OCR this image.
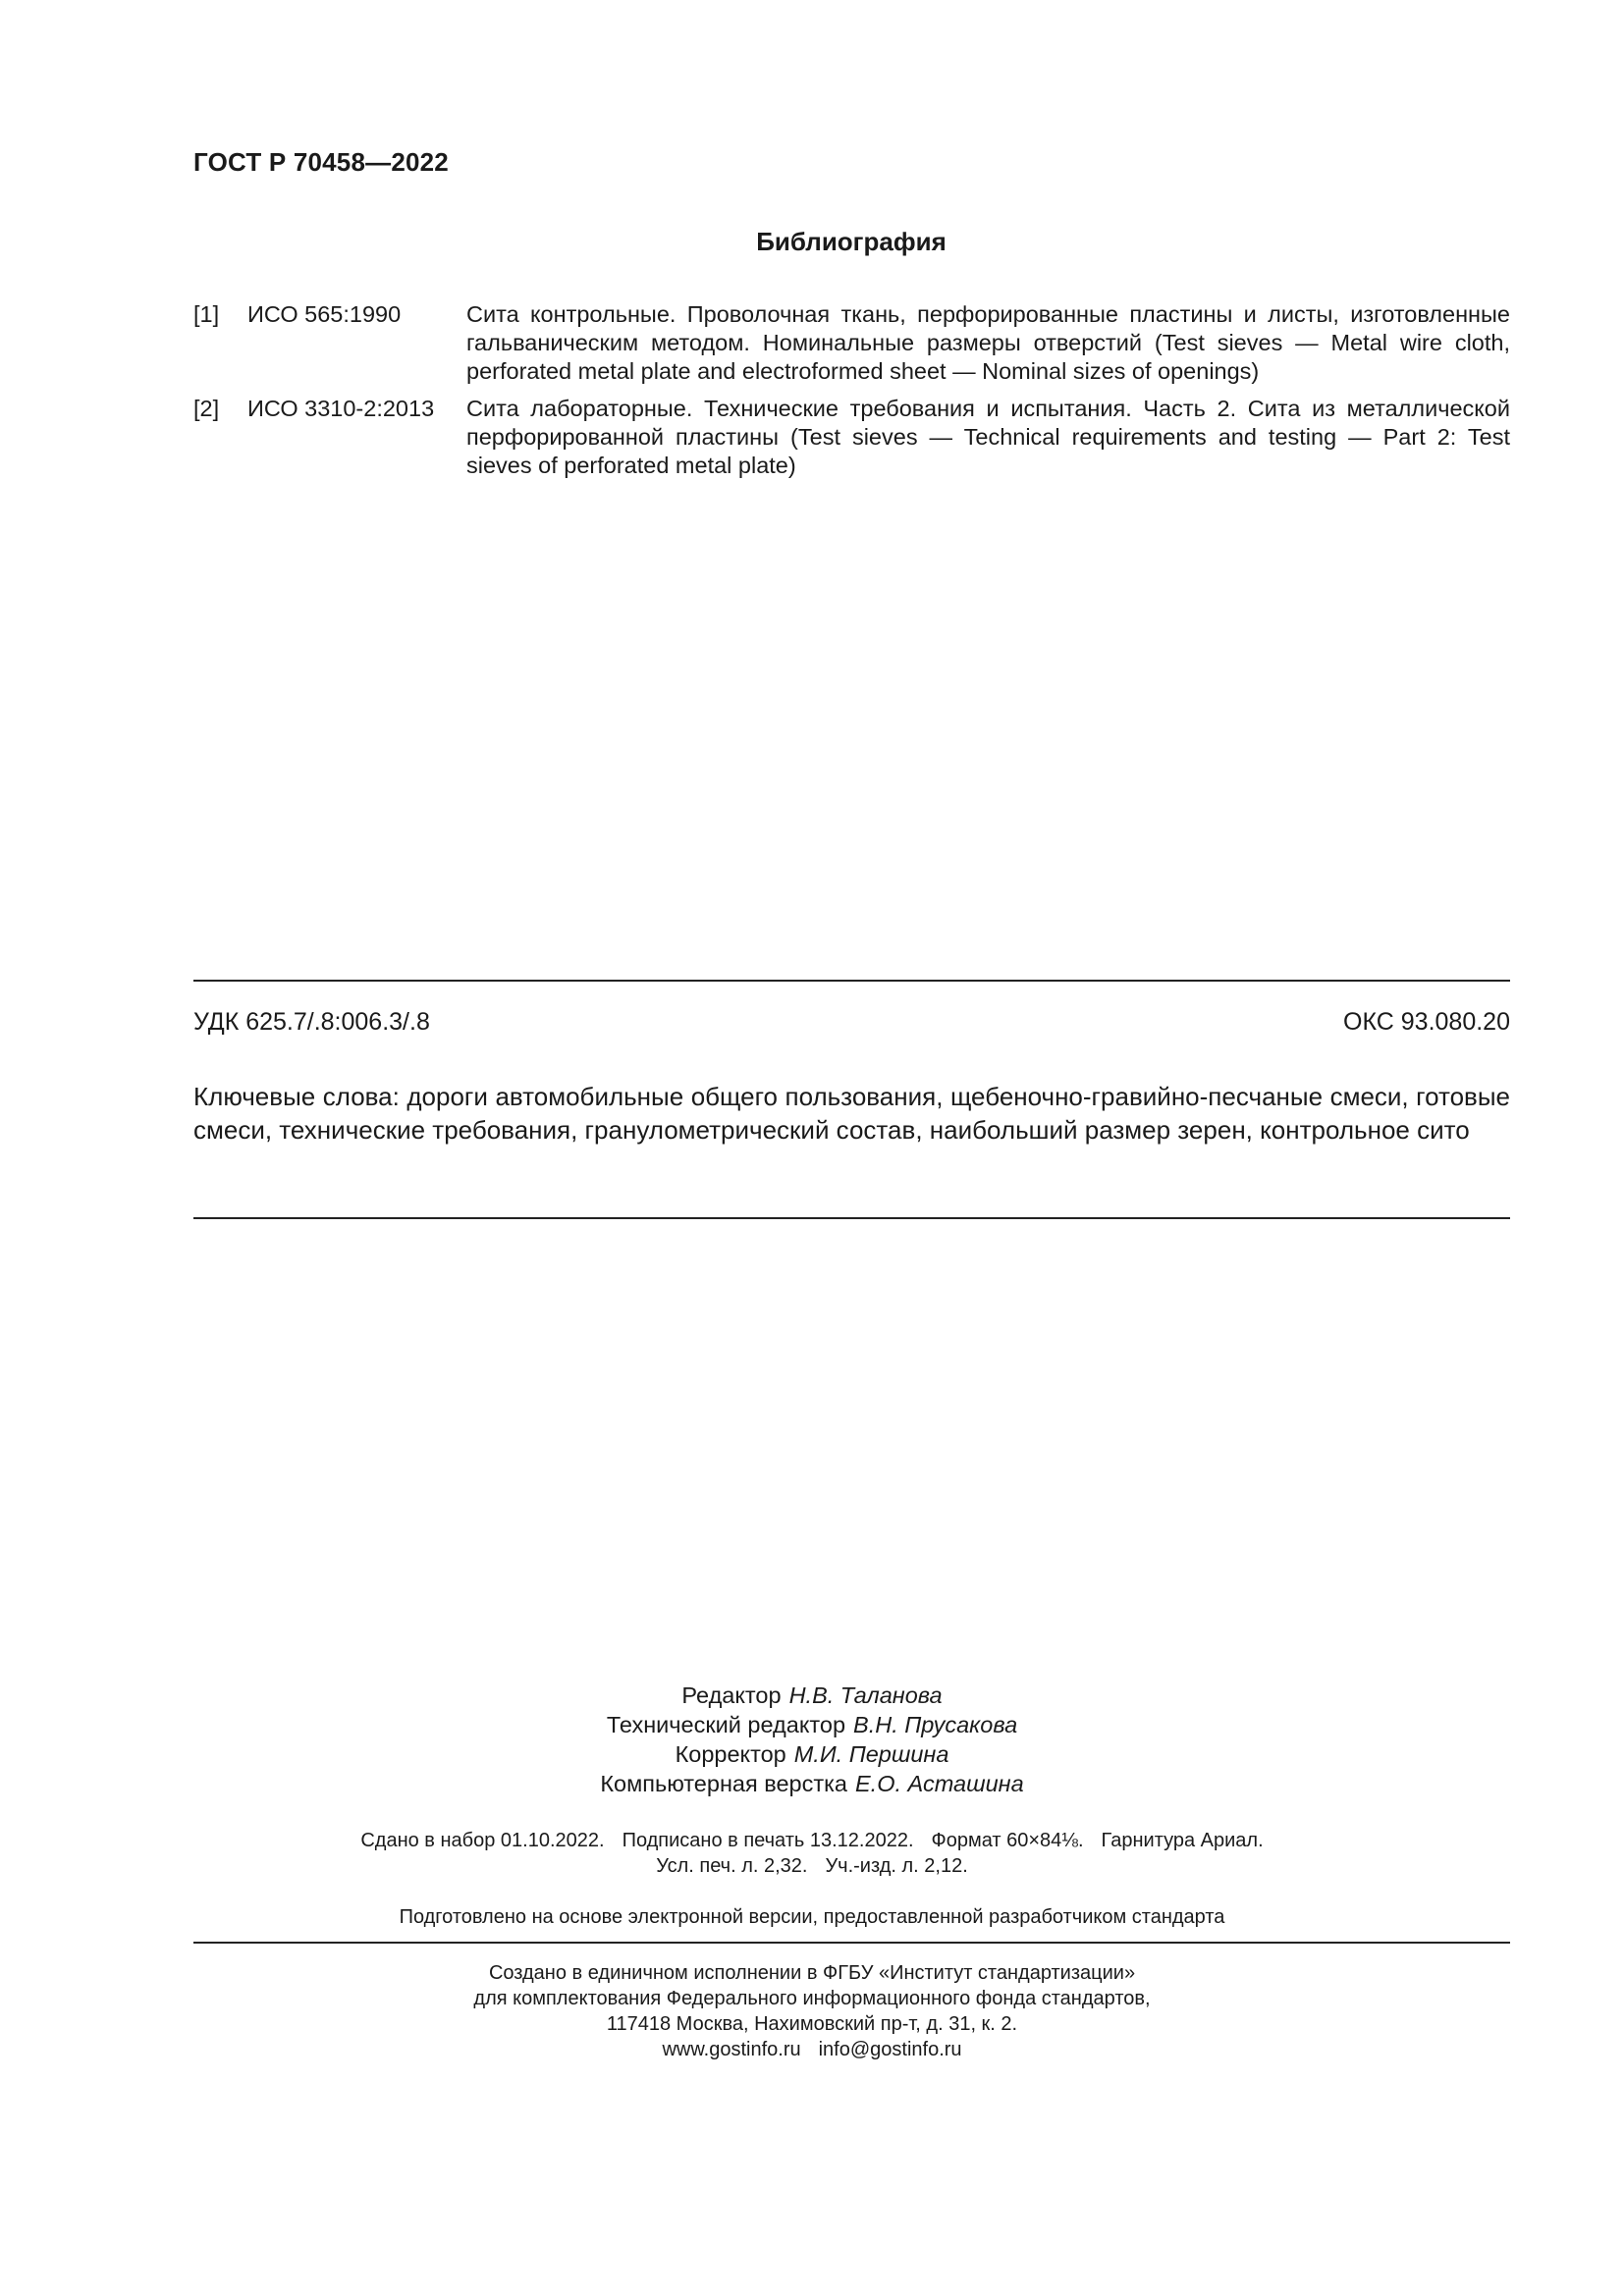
ГОСТ Р 70458—2022
Библиография
[1] ИСО 565:1990	Сита контрольные. Проволочная ткань, перфорированные пластины и листы, изготовленные гальваническим методом. Номинальные размеры отверстий (Test sieves — Metal wire cloth, perforated metal plate and electroformed sheet — Nominal sizes of openings)
[2] ИСО 3310-2:2013 Сита лабораторные. Технические требования и испытания. Часть 2. Сита из металлической перфорированной пластины (Test sieves — Technical requirements and testing — Part 2: Test sieves of perforated metal plate)
УДК 625.7/.8:006.3/.8	ОКС 93.080.20
Ключевые слова: дороги автомобильные общего пользования, щебеночно-гравийно-песчаные смеси, готовые смеси, технические требования, гранулометрический состав, наибольший размер зерен, контрольное сито
Редактор Н.В. Таланова
Технический редактор В.Н. Прусакова
Корректор М.И. Першина
Компьютерная верстка Е.О. Асташина
Сдано в набор 01.10.2022. Подписано в печать 13.12.2022. Формат 60×84⅛. Гарнитура Ариал.
Усл. печ. л. 2,32. Уч.-изд. л. 2,12.
Подготовлено на основе электронной версии, предоставленной разработчиком стандарта
Создано в единичном исполнении в ФГБУ «Институт стандартизации»
для комплектования Федерального информационного фонда стандартов,
117418 Москва, Нахимовский пр-т, д. 31, к. 2.
www.gostinfo.ru info@gostinfo.ru
